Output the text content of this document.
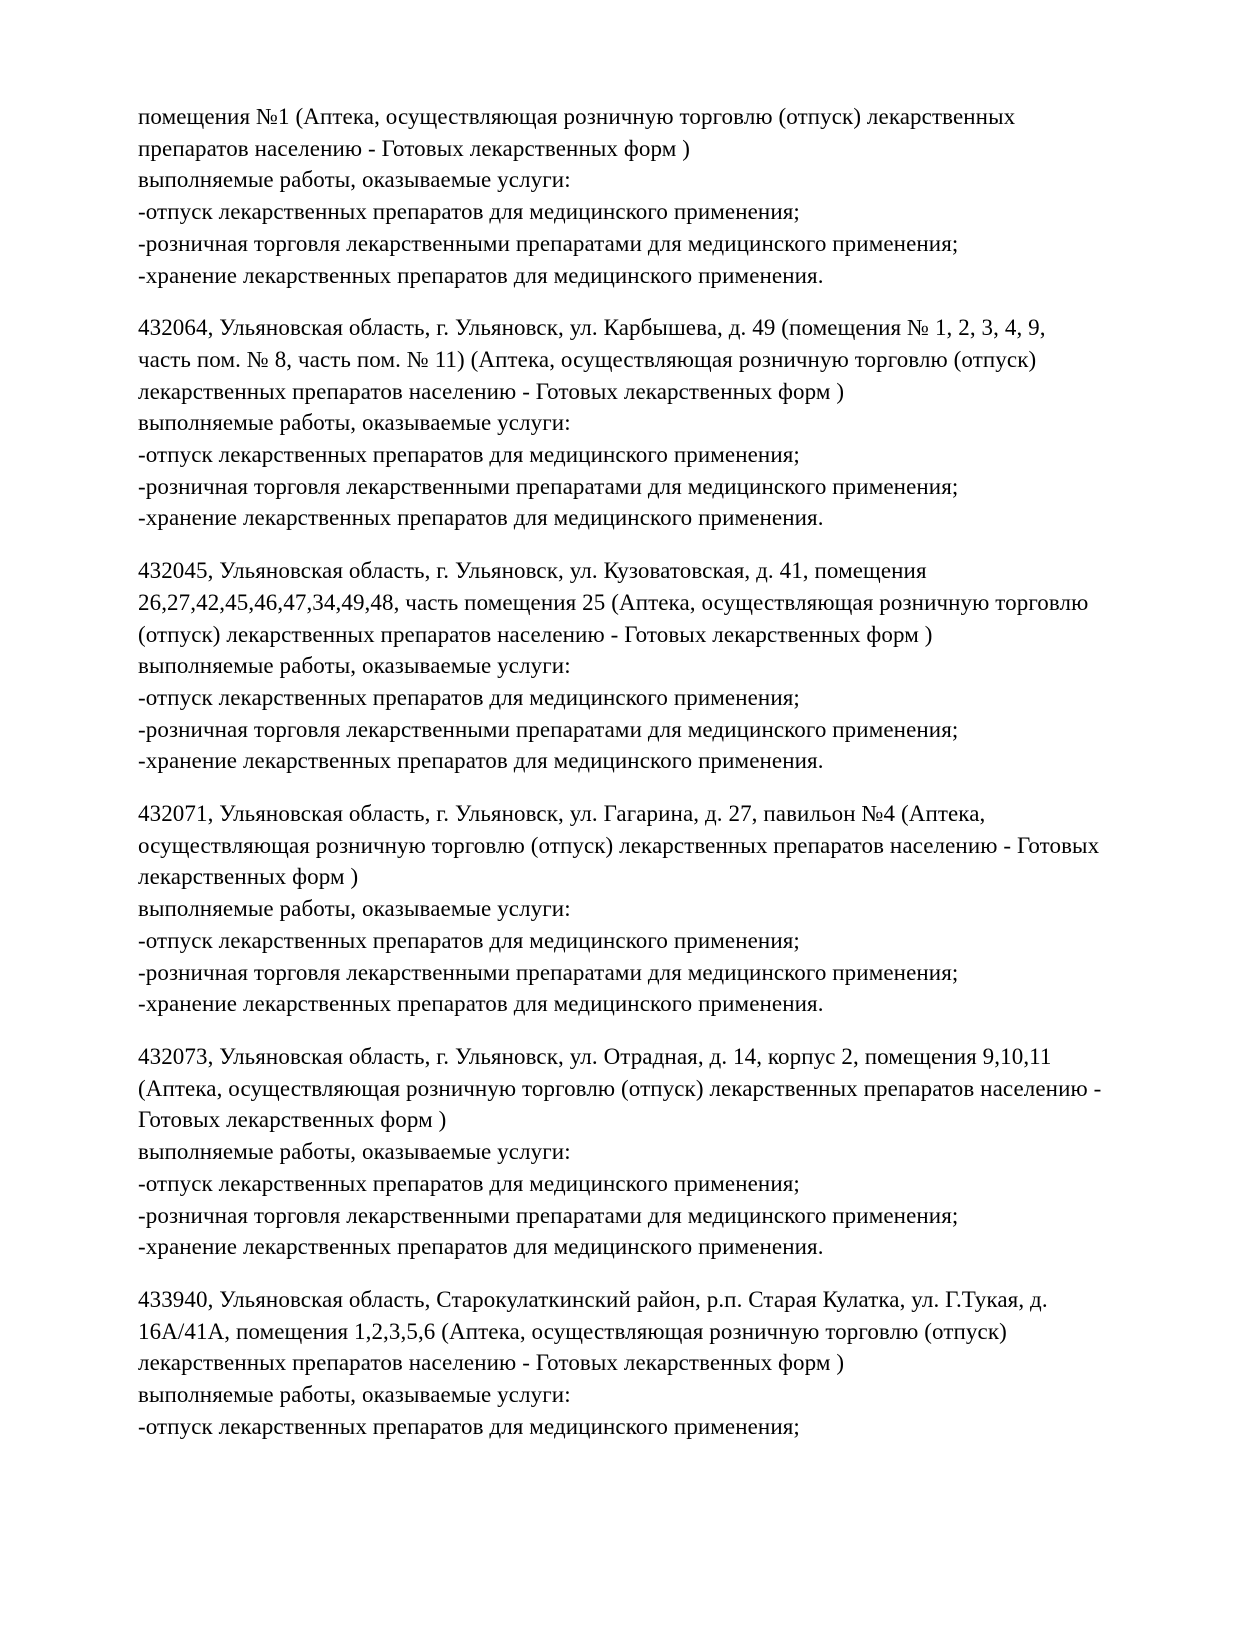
помещения №1 (Аптека, осуществляющая розничную торговлю (отпуск) лекарственных
препаратов населению - Готовых лекарственных форм )
выполняемые работы, оказываемые услуги:
-отпуск лекарственных препаратов для медицинского применения;
-розничная торговля лекарственными препаратами для медицинского применения;
-хранение лекарственных препаратов для медицинского применения.
432064, Ульяновская область, г. Ульяновск, ул. Карбышева, д. 49 (помещения № 1, 2, 3, 4, 9,
часть пом. № 8, часть пом. № 11) (Аптека, осуществляющая розничную торговлю (отпуск)
лекарственных препаратов населению - Готовых лекарственных форм )
выполняемые работы, оказываемые услуги:
-отпуск лекарственных препаратов для медицинского применения;
-розничная торговля лекарственными препаратами для медицинского применения;
-хранение лекарственных препаратов для медицинского применения.
432045, Ульяновская область, г. Ульяновск, ул. Кузоватовская, д. 41, помещения
26,27,42,45,46,47,34,49,48, часть помещения 25 (Аптека, осуществляющая розничную торговлю
(отпуск) лекарственных препаратов населению - Готовых лекарственных форм )
выполняемые работы, оказываемые услуги:
-отпуск лекарственных препаратов для медицинского применения;
-розничная торговля лекарственными препаратами для медицинского применения;
-хранение лекарственных препаратов для медицинского применения.
432071, Ульяновская область, г. Ульяновск, ул. Гагарина, д. 27, павильон №4 (Аптека,
осуществляющая розничную торговлю (отпуск) лекарственных препаратов населению - Готовых
лекарственных форм )
выполняемые работы, оказываемые услуги:
-отпуск лекарственных препаратов для медицинского применения;
-розничная торговля лекарственными препаратами для медицинского применения;
-хранение лекарственных препаратов для медицинского применения.
432073, Ульяновская область, г. Ульяновск, ул. Отрадная, д. 14, корпус 2, помещения 9,10,11
(Аптека, осуществляющая розничную торговлю (отпуск) лекарственных препаратов населению -
Готовых лекарственных форм )
выполняемые работы, оказываемые услуги:
-отпуск лекарственных препаратов для медицинского применения;
-розничная торговля лекарственными препаратами для медицинского применения;
-хранение лекарственных препаратов для медицинского применения.
433940, Ульяновская область, Старокулаткинский район, р.п. Старая Кулатка, ул. Г.Тукая, д.
16А/41А, помещения 1,2,3,5,6 (Аптека, осуществляющая розничную торговлю (отпуск)
лекарственных препаратов населению - Готовых лекарственных форм )
выполняемые работы, оказываемые услуги:
-отпуск лекарственных препаратов для медицинского применения;
